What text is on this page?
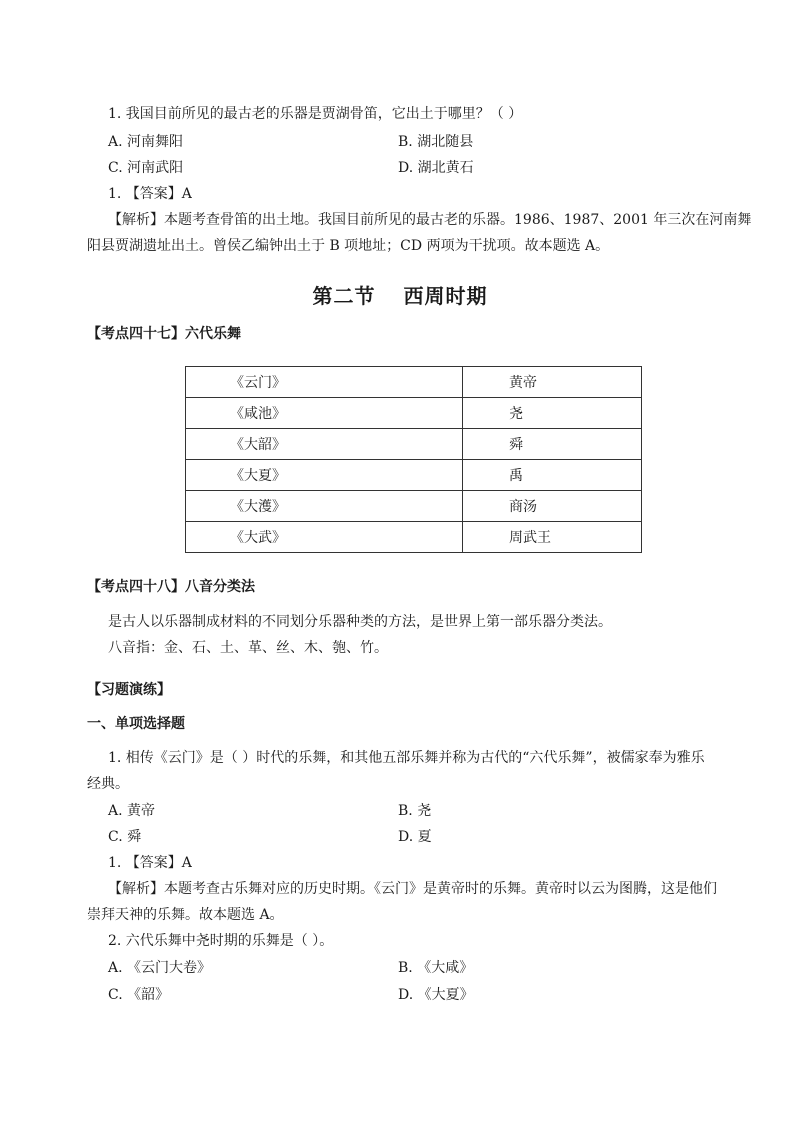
1. 我国目前所见的最古老的乐器是贾湖骨笛，它出土于哪里？（ ）
A. 河南舞阳	B. 湖北随县
C. 河南武阳	D. 湖北黄石
1. 【答案】A
【解析】本题考查骨笛的出土地。我国目前所见的最古老的乐器。1986、1987、2001 年三次在河南舞
阳县贾湖遗址出土。曾侯乙编钟出土于 B 项地址；CD 两项为干扰项。故本题选 A。
第二节 西周时期
【考点四十七】六代乐舞
《云门》	黄帝
《咸池》	尧
《大韶》	舜
《大夏》	禹
《大濩》	商汤
《大武》	周武王
【考点四十八】八音分类法
是古人以乐器制成材料的不同划分乐器种类的方法，是世界上第一部乐器分类法。
八音指：金、石、土、革、丝、木、匏、竹。
【习题演练】
一、单项选择题
1. 相传《云门》是（ ）时代的乐舞，和其他五部乐舞并称为古代的“六代乐舞”，被儒家奉为雅乐
经典。
A. 黄帝	B. 尧
C. 舜	D. 夏
1. 【答案】A
【解析】本题考查古乐舞对应的历史时期。《云门》是黄帝时的乐舞。黄帝时以云为图腾，这是他们
崇拜天神的乐舞。故本题选 A。
2. 六代乐舞中尧时期的乐舞是（ ）。
A. 《云门大卷》	B. 《大咸》
C. 《韶》	D. 《大夏》
